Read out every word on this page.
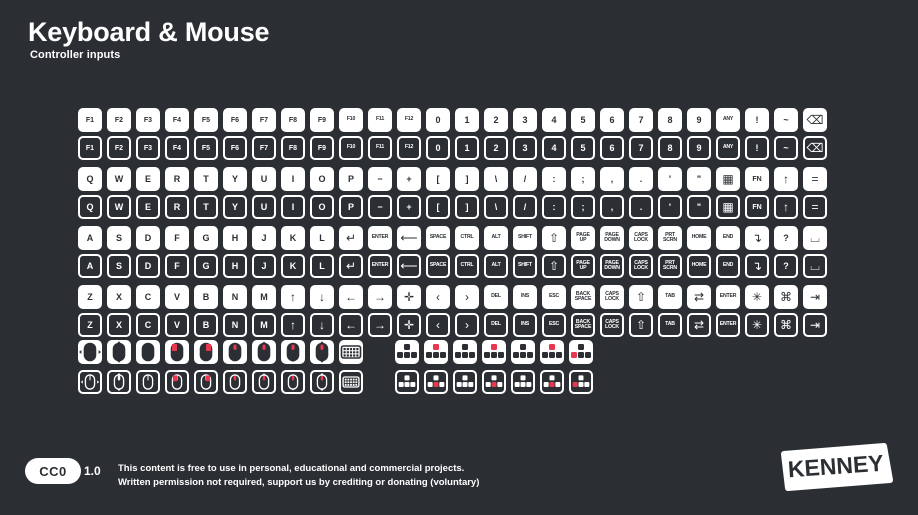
Keyboard & Mouse
Controller inputs
F1	F2	F3	F4	F5	F6	F7	F8	F9	F10	F11	F12	0	1	2	3	4	5	6	7	8	9	ANY	!	~	⌫
F1	F2	F3	F4	F5	F6	F7	F8	F9	F10	F11	F12	0	1	2	3	4	5	6	7	8	9	ANY	!	~	⌫
Q	W	E	R	T	Y	U	I	O	P	−	+	[	]	\	/	:	;	,	.	'	"	▦	FN	↑	=
Q	W	E	R	T	Y	U	I	O	P	−	+	[	]	\	/	:	;	,	.	'	"	▦	FN	↑	=
A	S	D	F	G	H	J	K	L	↵	ENTER	⟵	SPACE	CTRL	ALT	SHIFT	⇧	PAGE
UP
PAGE
DOWN
CAPS
LOCK
PRT
SCRN	HOME	END	↴	?	⌴
A	S	D	F	G	H	J	K	L	↵	ENTER	⟵	SPACE	CTRL	ALT	SHIFT	⇧	PAGE
UP
PAGE
DOWN
CAPS
LOCK
PRT
SCRN	HOME	END	↴	?	⌴
Z	X	C	V	B	N	M	↑	↓	←	→	✛	‹	›	DEL	INS	ESC	BACK
SPACE
CAPS
LOCK	⇧	TAB	⇄	ENTER	✳	⌘	⇥
Z	X	C	V	B	N	M	↑	↓	←	→	✛	‹	›	DEL	INS	ESC	BACK
SPACE
CAPS
LOCK	⇧	TAB	⇄	ENTER	✳	⌘	⇥
CC0	1.0 This content is free to use in personal, educational and commercial projects.
Written permission not required, support us by crediting or donating (voluntary)	KENNEY
